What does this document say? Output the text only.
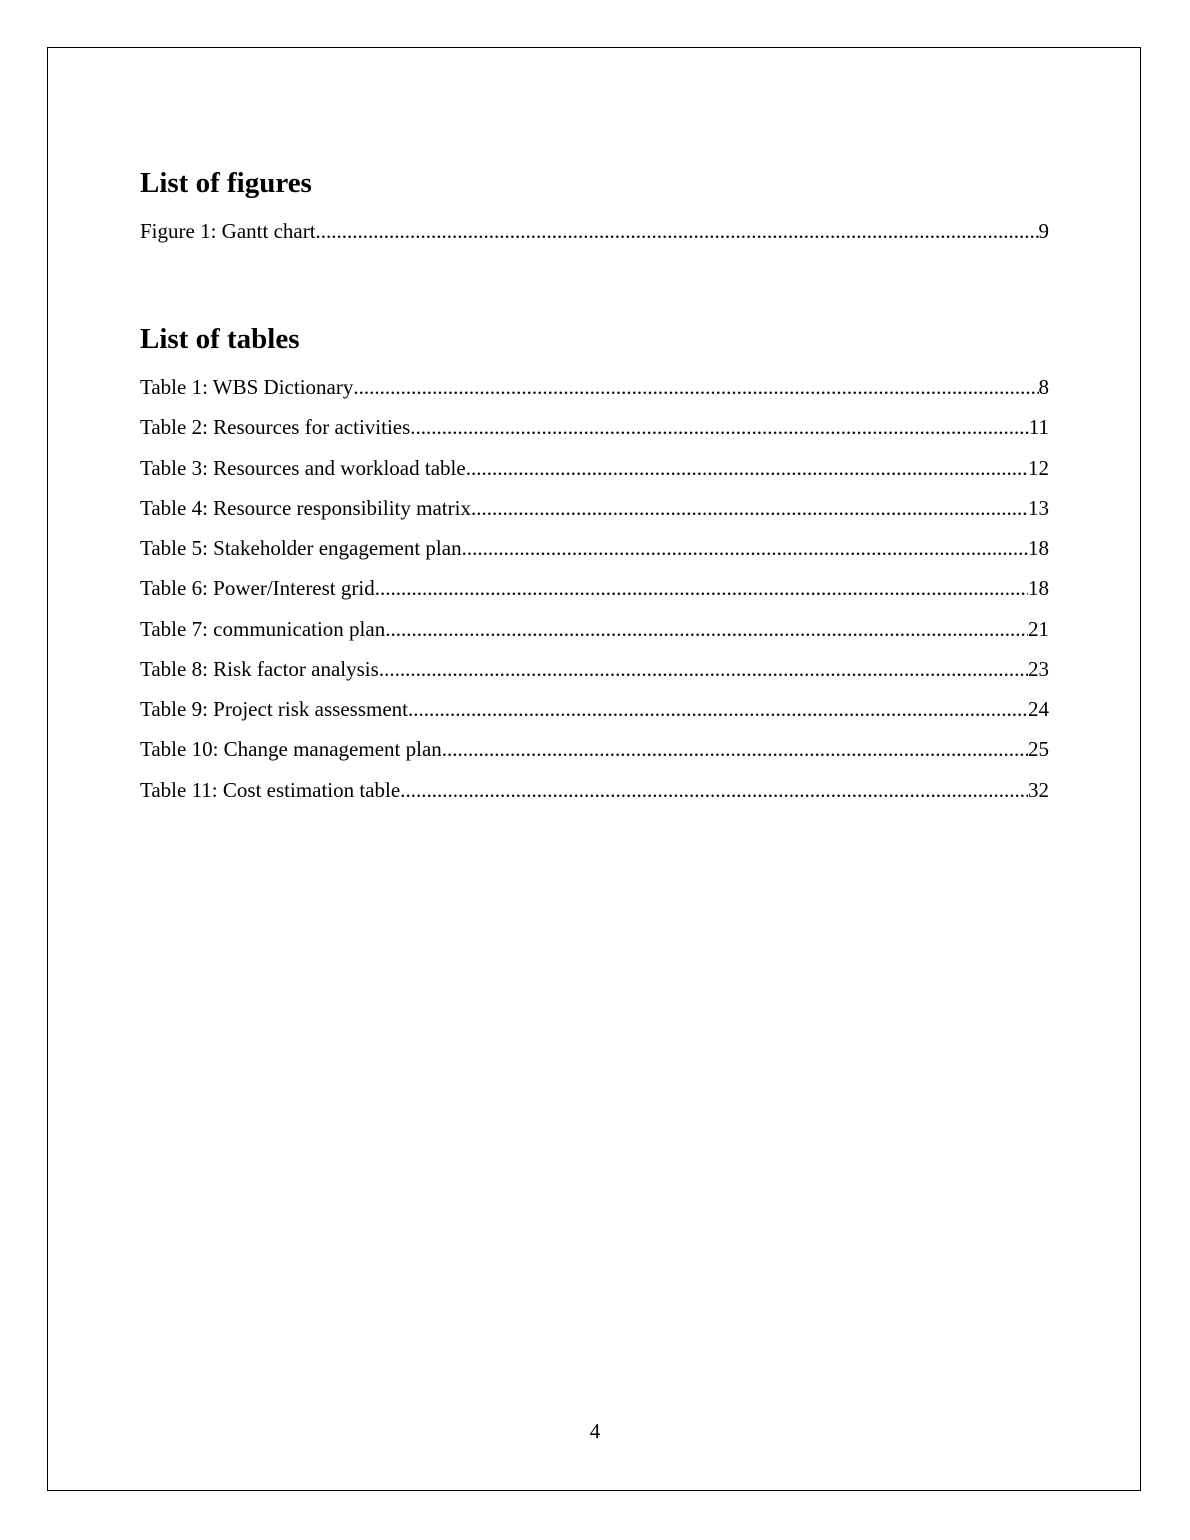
List of figures
Figure 1: Gantt chart .....	9
List of tables
Table 1: WBS Dictionary .....	8
Table 2: Resources for activities .....	11
Table 3: Resources and workload table .....	12
Table 4: Resource responsibility matrix .....	13
Table 5: Stakeholder engagement plan .....	18
Table 6: Power/Interest grid .....	18
Table 7: communication plan .....	21
Table 8: Risk factor analysis .....	23
Table 9: Project risk assessment .....	24
Table 10: Change management plan .....	25
Table 11: Cost estimation table .....	32
4
